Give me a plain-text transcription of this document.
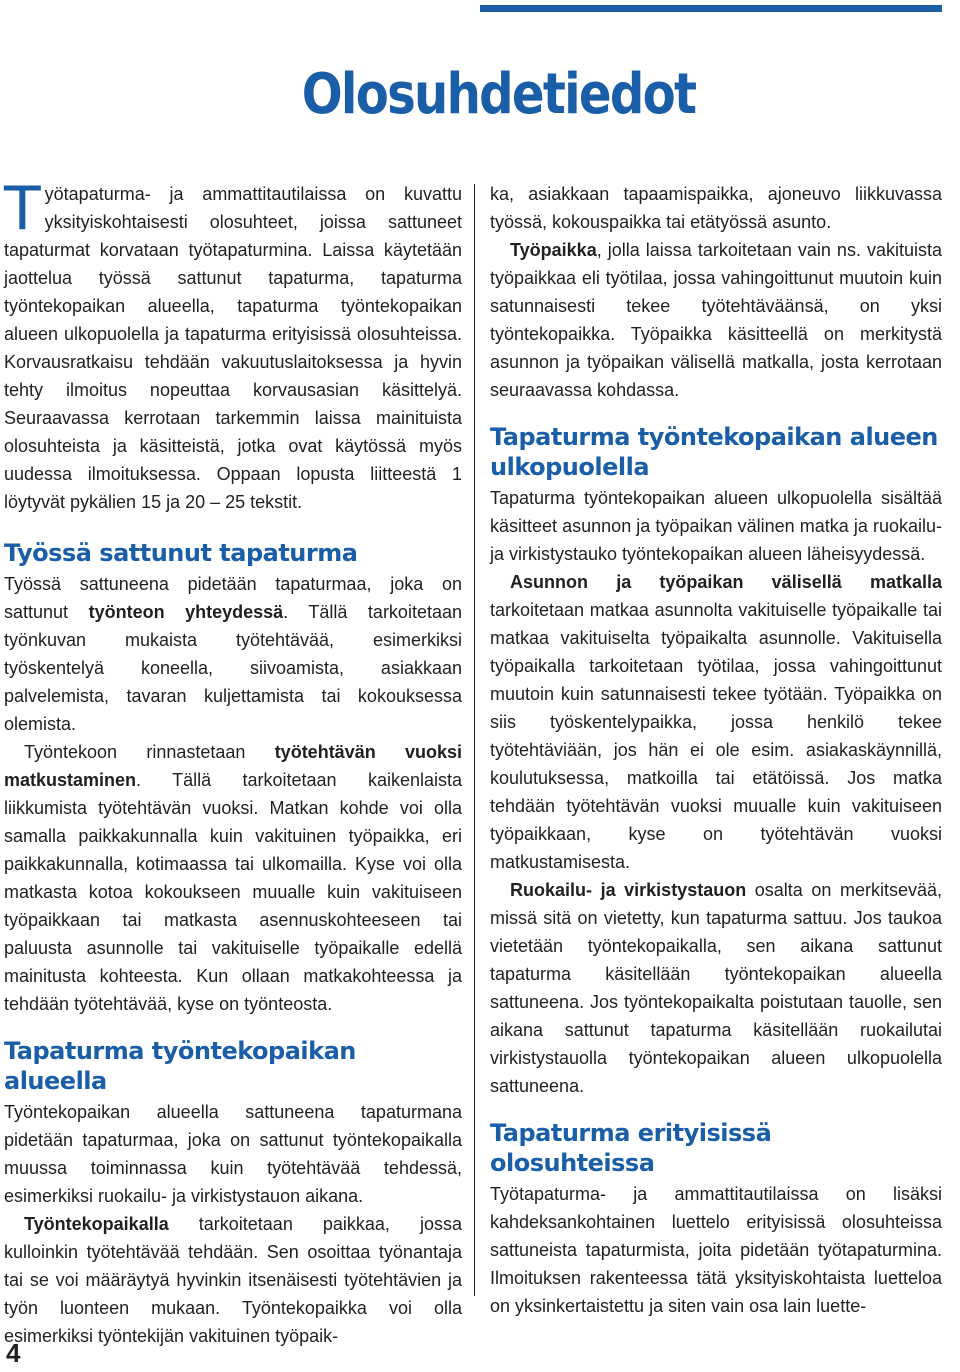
Olosuhdetiedot

Työtapaturma- ja ammattitautilaissa on kuvattu yksityiskohtaisesti olosuhteet, joissa sattuneet tapaturmat korvataan työtapaturmina. Laissa käytetään jaottelua työssä sattunut tapaturma, tapaturma työntekopaikan alueella, tapaturma työntekopaikan alueen ulkopuolella ja tapaturma erityisissä olosuhteissa. Korvausratkaisu tehdään vakuutuslaitoksessa ja hyvin tehty ilmoitus nopeuttaa korvausasian käsittelyä. Seuraavassa kerrotaan tarkemmin laissa mainituista olosuhteista ja käsitteistä, jotka ovat käytössä myös uudessa ilmoituksessa. Oppaan lopusta liitteestä 1 löytyvät pykälien 15 ja 20 – 25 tekstit.

Työssä sattunut tapaturma

Työssä sattuneena pidetään tapaturmaa, joka on sattunut työnteon yhteydessä. Tällä tarkoitetaan työnkuvan mukaista työtehtävää, esimerkiksi työskentelyä koneella, siivoamista, asiakkaan palvelemista, tavaran kuljettamista tai kokouksessa olemista.

Työntekoon rinnastetaan työtehtävän vuoksi matkustaminen. Tällä tarkoitetaan kaikenlaista liikkumista työtehtävän vuoksi. Matkan kohde voi olla samalla paikkakunnalla kuin vakituinen työpaikka, eri paikkakunnalla, kotimaassa tai ulkomailla. Kyse voi olla matkasta kotoa kokoukseen muualle kuin vakituiseen työpaikkaan tai matkasta asennuskohteeseen tai paluusta asunnolle tai vakituiselle työpaikalle edellä mainitusta kohteesta. Kun ollaan matkakohteessa ja tehdään työtehtävää, kyse on työnteosta.

Tapaturma työntekopaikan alueella

Työntekopaikan alueella sattuneena tapaturmana pidetään tapaturmaa, joka on sattunut työntekopaikalla muussa toiminnassa kuin työtehtävää tehdessä, esimerkiksi ruokailu- ja virkistystauon aikana.

Työntekopaikalla tarkoitetaan paikkaa, jossa kulloinkin työtehtävää tehdään. Sen osoittaa työnantaja tai se voi määräytyä hyvinkin itsenäisesti työtehtävien ja työn luonteen mukaan. Työntekopaikka voi olla esimerkiksi työntekijän vakituinen työpaik-

ka, asiakkaan tapaamispaikka, ajoneuvo liikkuvassa työssä, kokouspaikka tai etätyössä asunto.

Työpaikka, jolla laissa tarkoitetaan vain ns. vakituista työpaikkaa eli työtilaa, jossa vahingoittunut muutoin kuin satunnaisesti tekee työtehtäväänsä, on yksi työntekopaikka. Työpaikka käsitteellä on merkitystä asunnon ja työpaikan välisellä matkalla, josta kerrotaan seuraavassa kohdassa.

Tapaturma työntekopaikan alueen ulkopuolella

Tapaturma työntekopaikan alueen ulkopuolella sisältää käsitteet asunnon ja työpaikan välinen matka ja ruokailu- ja virkistystauko työntekopaikan alueen läheisyydessä.

Asunnon ja työpaikan välisellä matkalla tarkoitetaan matkaa asunnolta vakituiselle työpaikalle tai matkaa vakituiselta työpaikalta asunnolle. Vakituisella työpaikalla tarkoitetaan työtilaa, jossa vahingoittunut muutoin kuin satunnaisesti tekee työtään. Työpaikka on siis työskentelypaikka, jossa henkilö tekee työtehtäviään, jos hän ei ole esim. asiakaskäynnillä, koulutuksessa, matkoilla tai etätöissä. Jos matka tehdään työtehtävän vuoksi muualle kuin vakituiseen työpaikkaan, kyse on työtehtävän vuoksi matkustamisesta.

Ruokailu- ja virkistystauon osalta on merkitsevää, missä sitä on vietetty, kun tapaturma sattuu. Jos taukoa vietetään työntekopaikalla, sen aikana sattunut tapaturma käsitellään työntekopaikan alueella sattuneena. Jos työntekopaikalta poistutaan tauolle, sen aikana sattunut tapaturma käsitellään ruokailutai virkistystauolla työntekopaikan alueen ulkopuolella sattuneena.

Tapaturma erityisissä olosuhteissa

Työtapaturma- ja ammattitautilaissa on lisäksi kahdeksankohtainen luettelo erityisissä olosuhteissa sattuneista tapaturmista, joita pidetään työtapaturmina. Ilmoituksen rakenteessa tätä yksityiskohtaista luetteloa on yksinkertaistettu ja siten vain osa lain luette-

4
